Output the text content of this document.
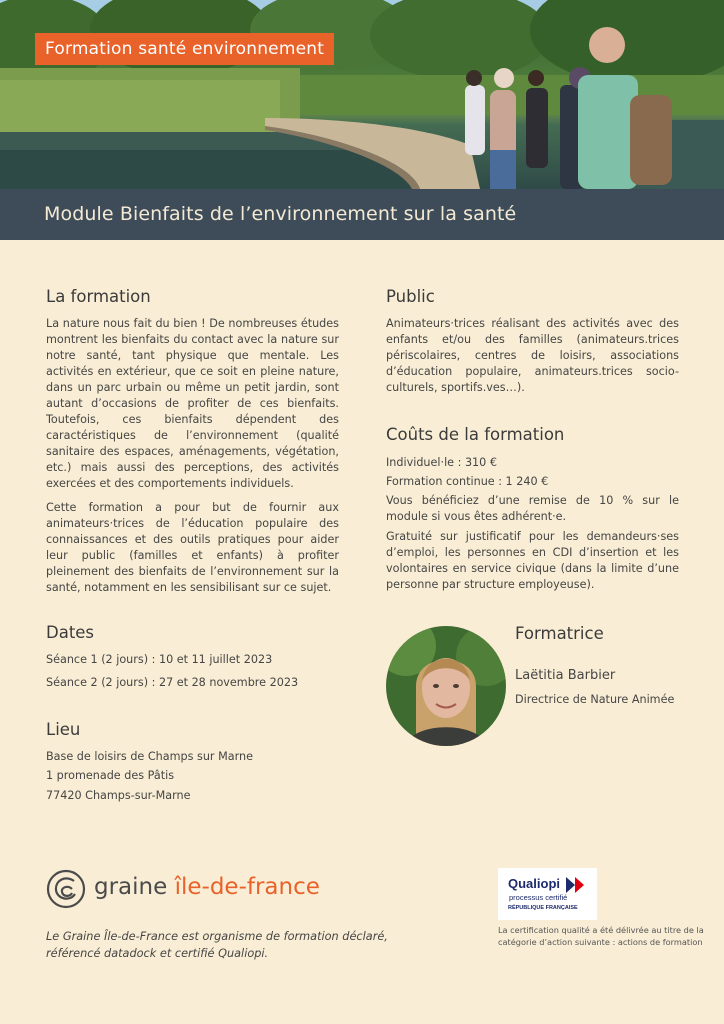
Formation santé environnement
Module Bienfaits de l’environnement sur la santé
La formation
La nature nous fait du bien ! De nombreuses études montrent les bienfaits du contact avec la nature sur notre santé, tant physique que mentale. Les activités en extérieur, que ce soit en pleine nature, dans un parc urbain ou même un petit jardin, sont autant d’occasions de profiter de ces bienfaits. Toutefois, ces bienfaits dépendent des caractéristiques de l’environnement (qualité sanitaire des espaces, aménagements, végétation, etc.) mais aussi des perceptions, des activités exercées et des comportements individuels.
Cette formation a pour but de fournir aux animateurs·trices de l’éducation populaire des connaissances et des outils pratiques pour aider leur public (familles et enfants) à profiter pleinement des bienfaits de l’environnement sur la santé, notamment en les sensibilisant sur ce sujet.
Public
Animateurs·trices réalisant des activités avec des enfants et/ou des familles (animateurs.trices périscolaires, centres de loisirs, associations d’éducation populaire, animateurs.trices socio-culturels, sportifs.ves…).
Coûts de la formation
Individuel·le : 310 €
Formation continue : 1 240 €
Vous bénéficiez d’une remise de 10 % sur le module si vous êtes adhérent·e.
Gratuité sur justificatif pour les demandeurs·ses d’emploi, les personnes en CDI d’insertion et les volontaires en service civique (dans la limite d’une personne par structure employeuse).
Dates
Séance 1 (2 jours) : 10 et 11 juillet 2023
Séance 2 (2 jours) : 27 et 28 novembre 2023
Lieu
Base de loisirs de Champs sur Marne
1 promenade des Pâtis
77420 Champs-sur-Marne
Formatrice
Laëtitia Barbier
Directrice de Nature Animée
graine île-de-france
Le Graine Île-de-France est organisme de formation déclaré, référencé datadock et certifié Qualiopi.
Qualiopi
processus certifié
RÉPUBLIQUE FRANÇAISE
La certification qualité a été délivrée au titre de la catégorie d’action suivante : actions de formation
